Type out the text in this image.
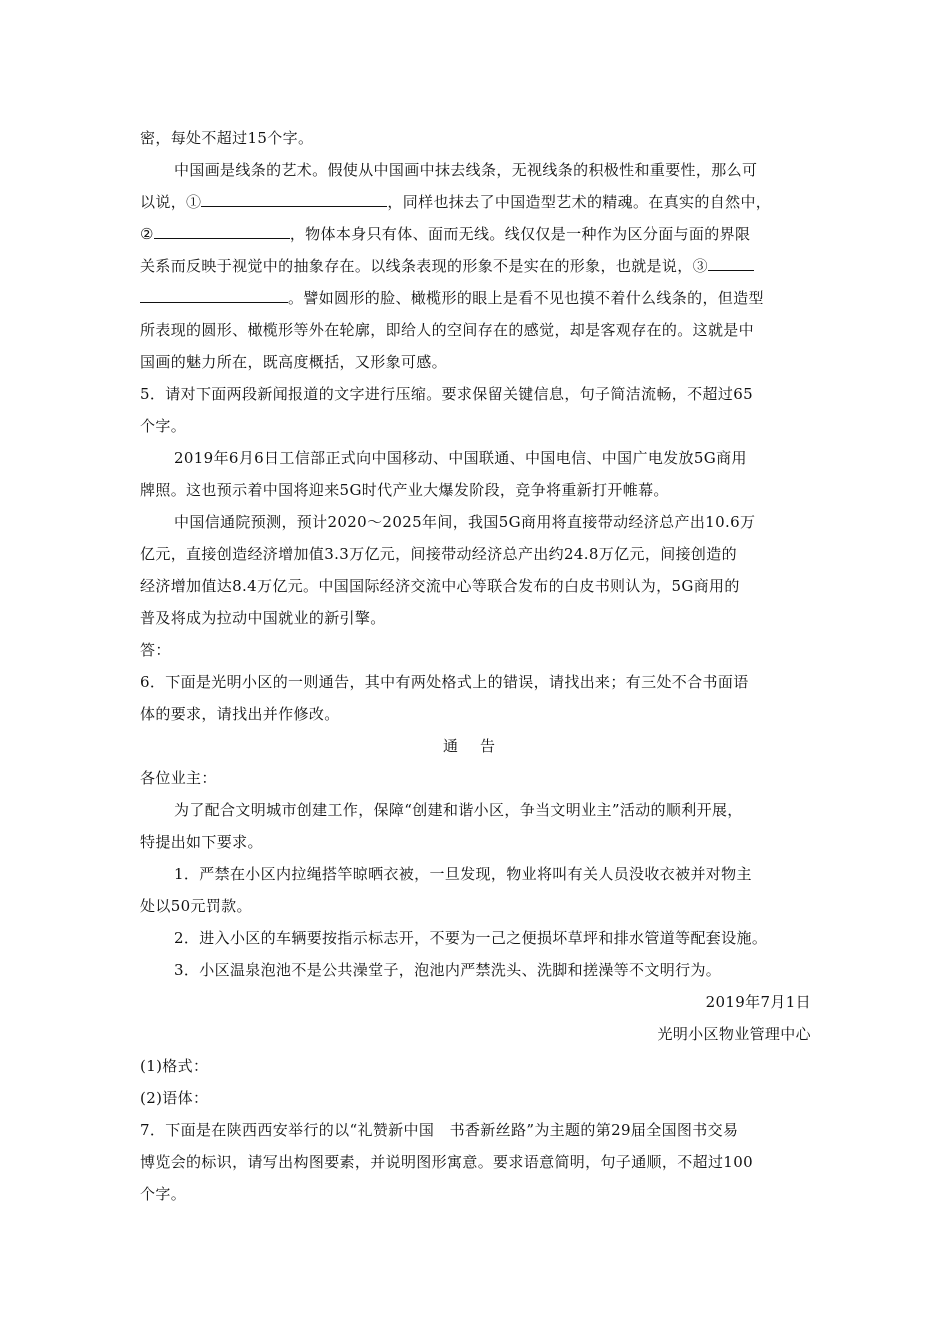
密，每处不超过15个字。
中国画是线条的艺术。假使从中国画中抹去线条，无视线条的积极性和重要性，那么可
以说，①	，同样也抹去了中国造型艺术的精魂。在真实的自然中，
②	，物体本身只有体、面而无线。线仅仅是一种作为区分面与面的界限
关系而反映于视觉中的抽象存在。以线条表现的形象不是实在的形象，也就是说，③
。譬如圆形的脸、橄榄形的眼上是看不见也摸不着什么线条的，但造型
所表现的圆形、橄榄形等外在轮廓，即给人的空间存在的感觉，却是客观存在的。这就是中
国画的魅力所在，既高度概括，又形象可感。
5．请对下面两段新闻报道的文字进行压缩。要求保留关键信息，句子简洁流畅，不超过65
个字。
2019年6月6日工信部正式向中国移动、中国联通、中国电信、中国广电发放5G商用
牌照。这也预示着中国将迎来5G时代产业大爆发阶段，竞争将重新打开帷幕。
中国信通院预测，预计2020～2025年间，我国5G商用将直接带动经济总产出10.6万
亿元，直接创造经济增加值3.3万亿元，间接带动经济总产出约24.8万亿元，间接创造的
经济增加值达8.4万亿元。中国国际经济交流中心等联合发布的白皮书则认为，5G商用的
普及将成为拉动中国就业的新引擎。
答：
6．下面是光明小区的一则通告，其中有两处格式上的错误，请找出来；有三处不合书面语
体的要求，请找出并作修改。
通告
各位业主：
为了配合文明城市创建工作，保障“创建和谐小区，争当文明业主”活动的顺利开展，
特提出如下要求。
1．严禁在小区内拉绳搭竿晾晒衣被，一旦发现，物业将叫有关人员没收衣被并对物主
处以50元罚款。
2．进入小区的车辆要按指示标志开，不要为一己之便损坏草坪和排水管道等配套设施。
3．小区温泉泡池不是公共澡堂子，泡池内严禁洗头、洗脚和搓澡等不文明行为。
2019年7月1日
光明小区物业管理中心
(1)格式：
(2)语体：
7．下面是在陕西西安举行的以“礼赞新中国　书香新丝路”为主题的第29届全国图书交易
博览会的标识，请写出构图要素，并说明图形寓意。要求语意简明，句子通顺，不超过100
个字。
